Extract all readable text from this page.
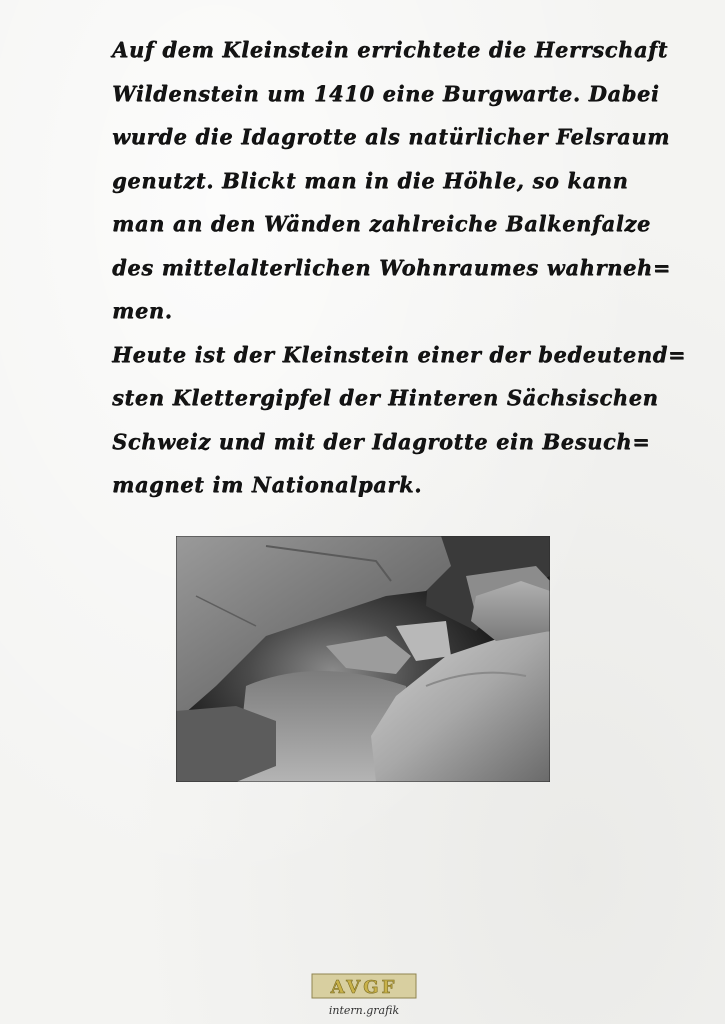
Auf dem Kleinstein errichtete die Herrschaft
Wildenstein um 1410 eine Burgwarte. Dabei
wurde die Idagrotte als natürlicher Felsraum
genutzt. Blickt man in die Höhle, so kann
man an den Wänden zahlreiche Balkenfalze
des mittelalterlichen Wohnraumes wahrneh=
men.
Heute ist der Kleinstein einer der bedeutend=
sten Klettergipfel der Hinteren Sächsischen
Schweiz und mit der Idagrotte ein Besuch=
magnet im Nationalpark.
AVGF
intern.grafik
